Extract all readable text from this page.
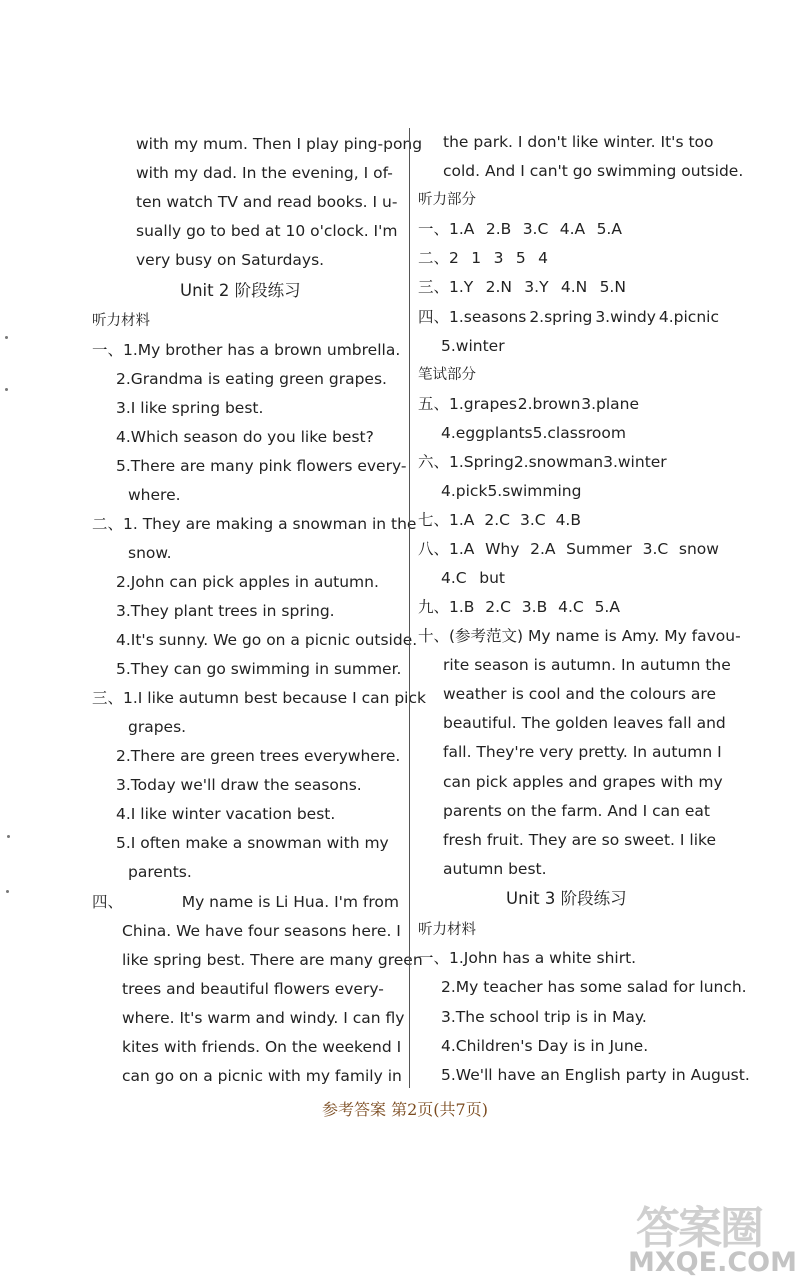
with my mum. Then I play ping-pong
with my dad. In the evening, I of-
ten watch TV and read books. I u-
sually go to bed at 10 o'clock. I'm
very busy on Saturdays.
Unit 2 阶段练习
听力材料
一、1.My brother has a brown umbrella.
2.Grandma is eating green grapes.
3.I like spring best.
4.Which season do you like best?
5.There are many pink flowers every-
where.
二、1. They are making a snowman in the
snow.
2.John can pick apples in autumn.
3.They plant trees in spring.
4.It's sunny. We go on a picnic outside.
5.They can go swimming in summer.
三、1.I like autumn best because I can pick
grapes.
2.There are green trees everywhere.
3.Today we'll draw the seasons.
4.I like winter vacation best.
5.I often make a snowman with my
parents.
四、	My name is Li Hua. I'm from
China. We have four seasons here. I
like spring best. There are many green
trees and beautiful flowers every-
where. It's warm and windy. I can fly
kites with friends. On the weekend I
can go on a picnic with my family in
the park. I don't like winter. It's too
cold. And I can't go swimming outside.
听力部分
一、1.A 2.B 3.C 4.A 5.A
二、2 1 3 5 4
三、1.Y 2.N 3.Y 4.N 5.N
四、1.seasons 2.spring 3.windy 4.picnic
5.winter
笔试部分
五、1.grapes 2.brown 3.plane
4.eggplants 5.classroom
六、1.Spring 2.snowman 3.winter
4.pick 5.swimming
七、1.A 2.C 3.C 4.B
八、1.A Why 2.A Summer 3.C snow
4.C but
九、1.B 2.C 3.B 4.C 5.A
十、(参考范文) My name is Amy. My favou-
rite season is autumn. In autumn the
weather is cool and the colours are
beautiful. The golden leaves fall and
fall. They're very pretty. In autumn I
can pick apples and grapes with my
parents on the farm. And I can eat
fresh fruit. They are so sweet. I like
autumn best.
Unit 3 阶段练习
听力材料
一、1.John has a white shirt.
2.My teacher has some salad for lunch.
3.The school trip is in May.
4.Children's Day is in June.
5.We'll have an English party in August.
参考答案 第2页(共7页)
答案圈
MXQE.COM
